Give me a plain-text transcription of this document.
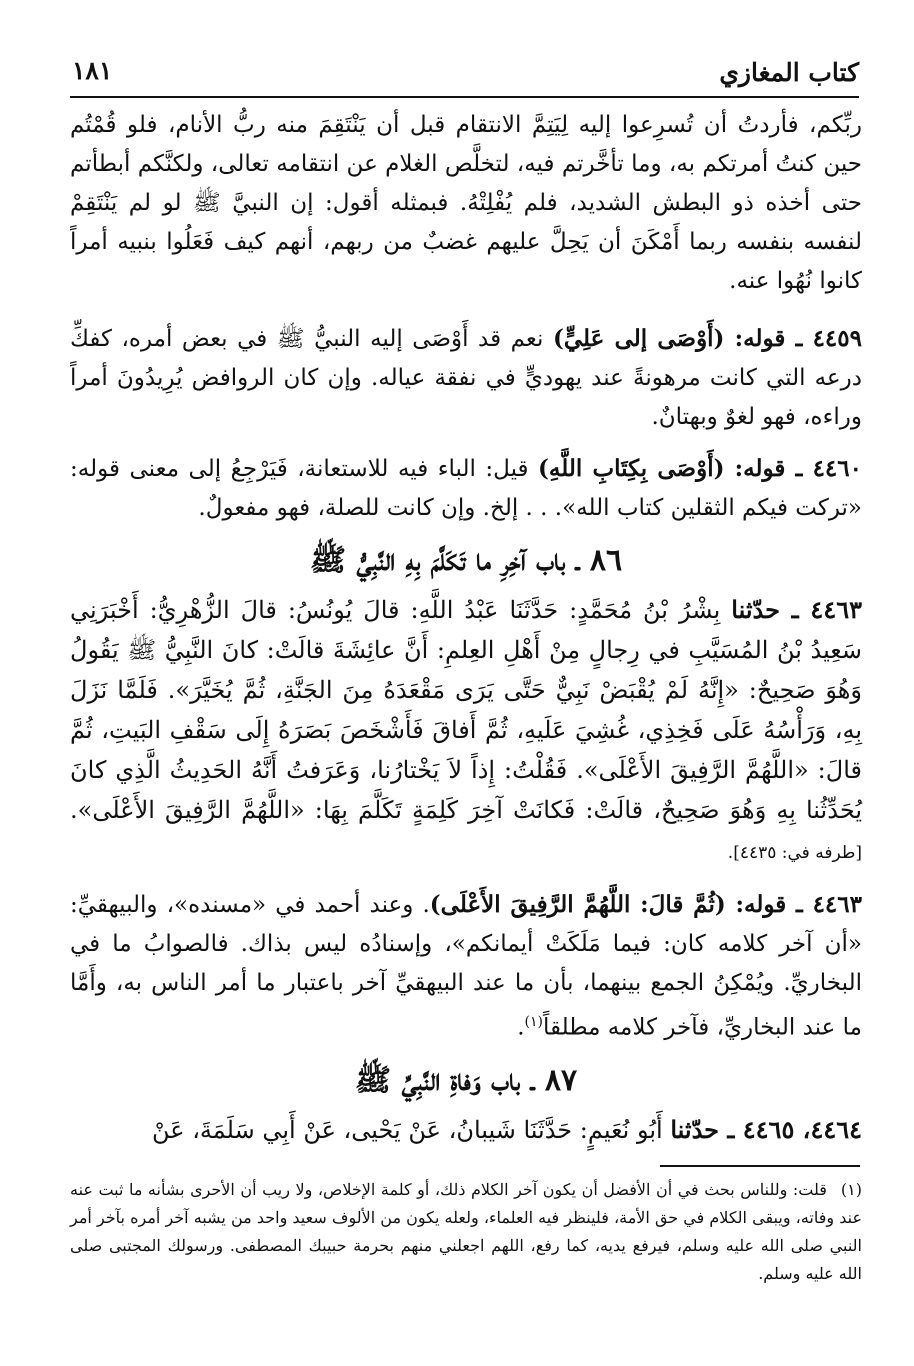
كتاب المغازي
١٨١

ربِّكم، فأردتُ أن تُسرِعوا إليه لِيَتِمَّ الانتقام قبل أن يَنْتَقِمَ منه ربُّ الأنام، فلو قُمْتُم حين كنتُ أمرتكم به، وما تأخَّرتم فيه، لتخلَّص الغلام عن انتقامه تعالى، ولكنَّكم أبطأتم حتى أخذه ذو البطش الشديد، فلم يُفْلِتْهُ. فبمثله أقول: إن النبيَّ ﷺ لو لم يَنْتَقِمْ لنفسه بنفسه ربما أَمْكَنَ أن يَحِلَّ عليهم غضبٌ من ربهم، أنهم كيف فَعَلُوا بنبيه أمراً كانوا نُهُوا عنه.

٤٤٥٩ ـ قوله: (أَوْصَى إلى عَلِيٍّ) نعم قد أَوْصَى إليه النبيُّ ﷺ في بعض أمره، كفكِّ درعه التي كانت مرهونةً عند يهوديٍّ في نفقة عياله. وإن كان الروافض يُرِيدُونَ أمراً وراءه، فهو لغوٌ وبهتانٌ.

٤٤٦٠ ـ قوله: (أَوْصَى بِكِتَابِ اللَّهِ) قيل: الباء فيه للاستعانة، فَيَرْجِعُ إلى معنى قوله: «تركت فيكم الثقلين كتاب الله». . . إلخ. وإن كانت للصلة، فهو مفعولٌ.

٨٦ ـ باب آخِرِ ما تَكَلَّمَ بِهِ النَّبِيُّ ﷺ

٤٤٦٣ ـ حدّثنا بِشْرُ بْنُ مُحَمَّدٍ: حَدَّثَنَا عَبْدُ اللَّهِ: قالَ يُونُسُ: قالَ الزُّهْرِيُّ: أَخْبَرَنِي سَعِيدُ بْنُ المُسَيَّبِ في رِجالٍ مِنْ أَهْلِ العِلمِ: أَنَّ عائِشَةَ قالَتْ: كانَ النَّبِيُّ ﷺ يَقُولُ وَهُوَ صَحِيحٌ: «إِنَّهُ لَمْ يُقْبَضْ نَبِيٌّ حَتَّى يَرَى مَقْعَدَهُ مِنَ الجَنَّةِ، ثُمَّ يُخَيَّرَ». فَلَمَّا نَزَلَ بِهِ، وَرَأْسُهُ عَلَى فَخِذِي، غُشِيَ عَلَيهِ، ثُمَّ أَفاقَ فَأَشْخَصَ بَصَرَهُ إِلَى سَقْفِ البَيتِ، ثُمَّ قالَ: «اللَّهُمَّ الرَّفِيقَ الأَعْلَى». فَقُلْتُ: إِذاً لاَ يَخْتارُنا، وَعَرَفتُ أَنَّهُ الحَدِيثُ الَّذِي كانَ يُحَدِّثُنا بِهِ وَهُوَ صَحِيحٌ، قالَتْ: فَكانَتْ آخِرَ كَلِمَةٍ تَكَلَّمَ بِهَا: «اللَّهُمَّ الرَّفِيقَ الأَعْلَى». [طرفه في: ٤٤٣٥].

٤٤٦٣ ـ قوله: (ثُمَّ قالَ: اللَّهُمَّ الرَّفِيقَ الأَعْلَى). وعند أحمد في «مسنده»، والبيهقيِّ: «أن آخر كلامه كان: فيما مَلَكَتْ أيمانكم»، وإسنادُه ليس بذاك. فالصوابُ ما في البخاريِّ. ويُمْكِنُ الجمع بينهما، بأن ما عند البيهقيِّ آخر باعتبار ما أمر الناس به، وأَمَّا ما عند البخاريِّ، فآخر كلامه مطلقاً$^{(١)}$.

٨٧ ـ باب وَفاةِ النَّبِيِّ ﷺ

٤٤٦٤، ٤٤٦٥ ـ حدّثنا أَبُو نُعَيمٍ: حَدَّثَنَا شَيبانُ، عَنْ يَحْيى، عَنْ أَبِي سَلَمَةَ، عَنْ

(١)قلت: وللناس بحث في أن الأفضل أن يكون آخر الكلام ذلك، أو كلمة الإخلاص، ولا ريب أن الأحرى بشأنه ما ثبت عنه عند وفاته، ويبقى الكلام في حق الأمة، فلينظر فيه العلماء، ولعله يكون من الألوف سعيد واحد من يشبه آخر أمره بآخر أمر النبي صلى الله عليه وسلم، فيرفع يديه، كما رفع، اللهم اجعلني منهم بحرمة حبيبك المصطفى. ورسولك المجتبى صلى الله عليه وسلم.
